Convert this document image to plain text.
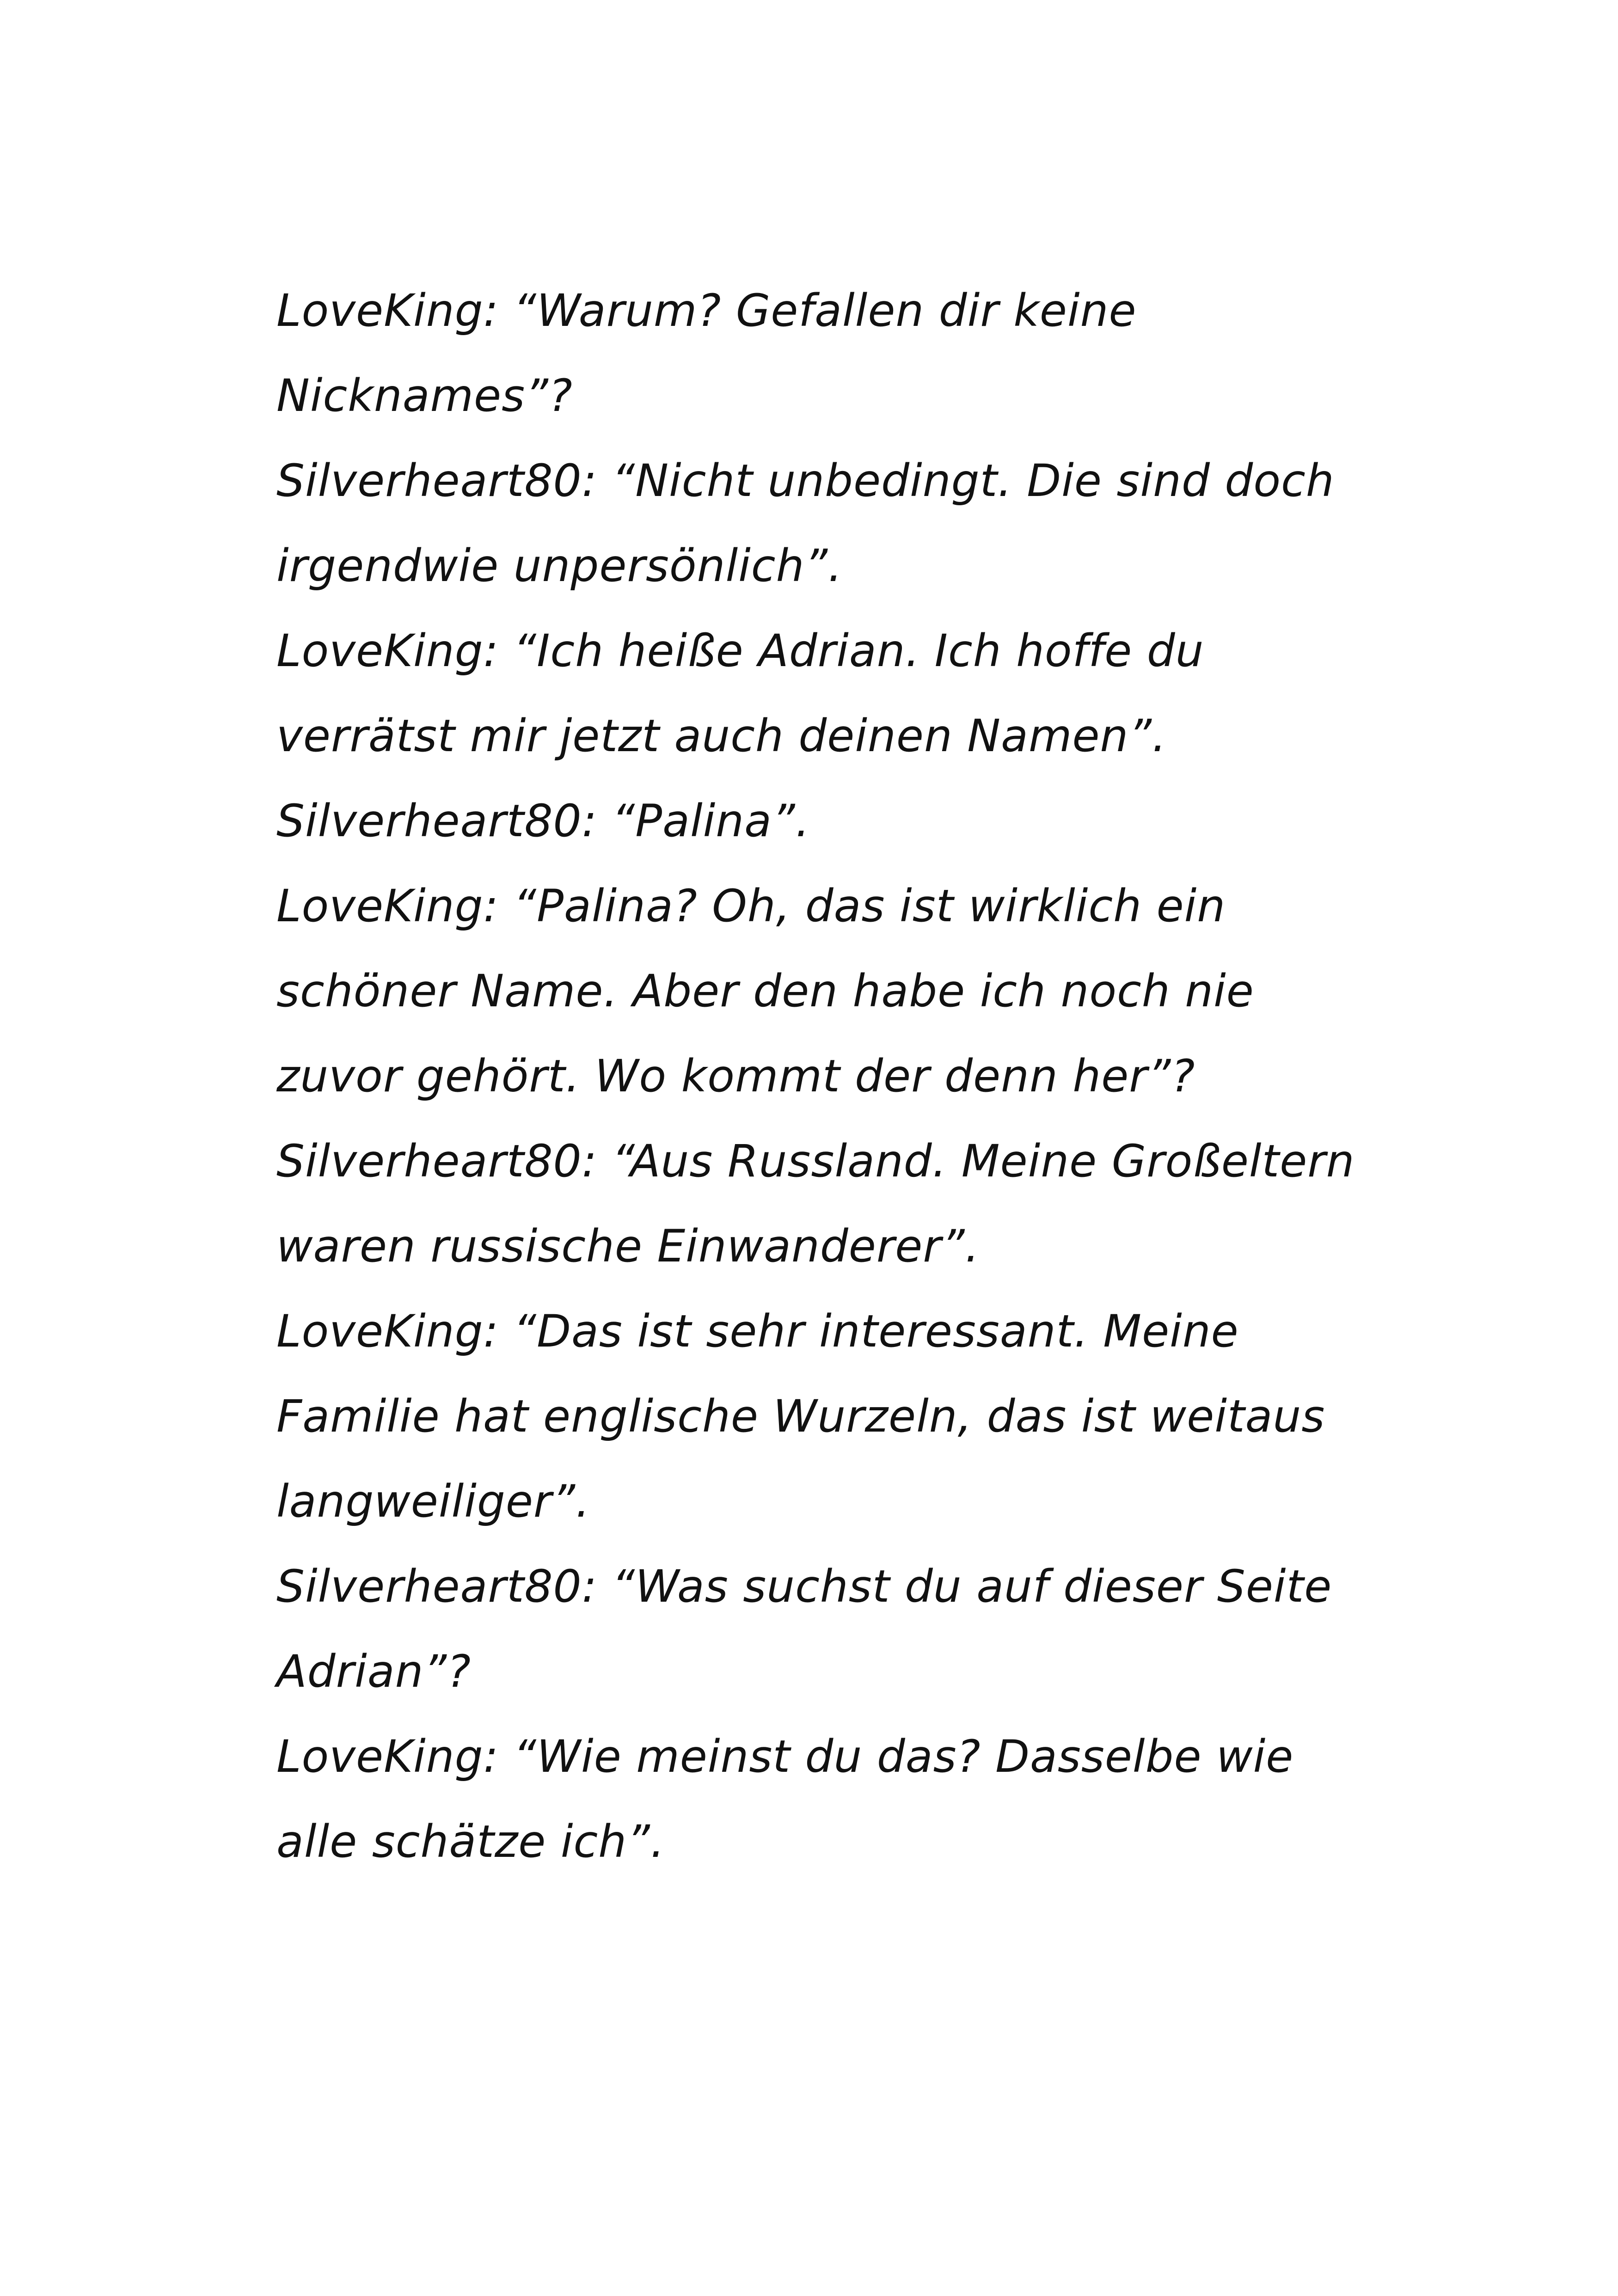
LoveKing: “Warum? Gefallen dir keine
Nicknames”?
Silverheart80: “Nicht unbedingt. Die sind doch
irgendwie unpersönlich”.
LoveKing: “Ich heiße Adrian. Ich hoffe du
verrätst mir jetzt auch deinen Namen”.
Silverheart80: “Palina”.
LoveKing: “Palina? Oh, das ist wirklich ein
schöner Name. Aber den habe ich noch nie
zuvor gehört. Wo kommt der denn her”?
Silverheart80: “Aus Russland. Meine Großeltern
waren russische Einwanderer”.
LoveKing: “Das ist sehr interessant. Meine
Familie hat englische Wurzeln, das ist weitaus
langweiliger”.
Silverheart80: “Was suchst du auf dieser Seite
Adrian”?
LoveKing: “Wie meinst du das? Dasselbe wie
alle schätze ich”.
